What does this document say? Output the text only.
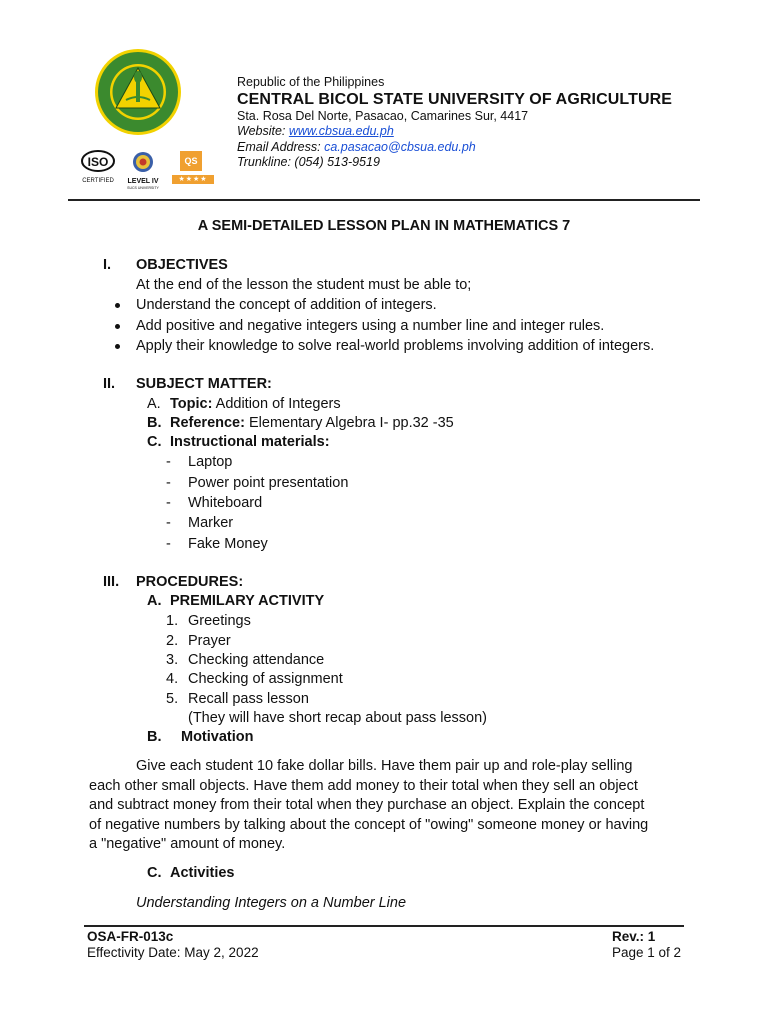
ISO
CERTIFIED	LEVEL IV
SUCS UNIVERSITY
QS
★★★★
Republic of the Philippines
CENTRAL BICOL STATE UNIVERSITY OF AGRICULTURE
Sta. Rosa Del Norte, Pasacao, Camarines Sur, 4417
Website: www.cbsua.edu.ph
Email Address: ca.pasacao@cbsua.edu.ph
Trunkline: (054) 513-9519
A SEMI-DETAILED LESSON PLAN IN MATHEMATICS 7
I. OBJECTIVES
At the end of the lesson the student must be able to;
Understand the concept of addition of integers.
Add positive and negative integers using a number line and integer rules.
Apply their knowledge to solve real-world problems involving addition of integers.
II. SUBJECT MATTER:
A. Topic: Addition of Integers
B. Reference: Elementary Algebra I- pp.32 -35
C. Instructional materials:
- Laptop
- Power point presentation
- Whiteboard
- Marker
- Fake Money
III. PROCEDURES:
A. PREMILARY ACTIVITY
1. Greetings
2. Prayer
3. Checking attendance
4. Checking of assignment
5. Recall pass lesson
(They will have short recap about pass lesson)
B. Motivation
Give each student 10 fake dollar bills. Have them pair up and role-play selling
each other small objects. Have them add money to their total when they sell an object
and subtract money from their total when they purchase an object. Explain the concept
of negative numbers by talking about the concept of "owing" someone money or having
a "negative" amount of money.
C. Activities
Understanding Integers on a Number Line
OSA-FR-013c
Effectivity Date: May 2, 2022
Rev.: 1
Page 1 of 2
